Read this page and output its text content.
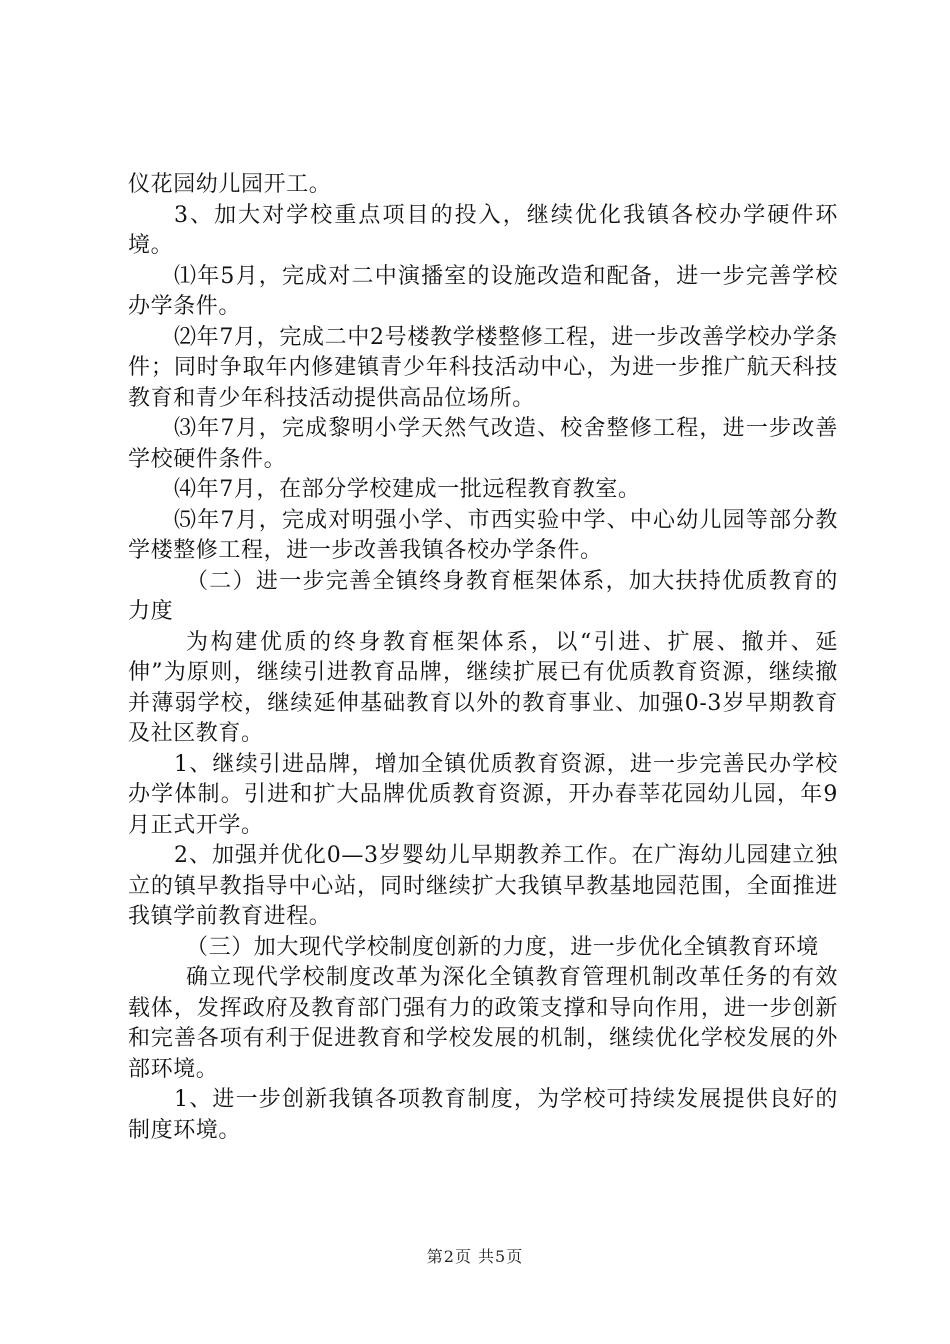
仪花园幼儿园开工。

3、加大对学校重点项目的投入，继续优化我镇各校办学硬件环境。

⑴年5月，完成对二中演播室的设施改造和配备，进一步完善学校办学条件。

⑵年7月，完成二中2号楼教学楼整修工程，进一步改善学校办学条件；同时争取年内修建镇青少年科技活动中心，为进一步推广航天科技教育和青少年科技活动提供高品位场所。

⑶年7月，完成黎明小学天然气改造、校舍整修工程，进一步改善学校硬件条件。

⑷年7月，在部分学校建成一批远程教育教室。

⑸年7月，完成对明强小学、市西实验中学、中心幼儿园等部分教学楼整修工程，进一步改善我镇各校办学条件。

（二）进一步完善全镇终身教育框架体系，加大扶持优质教育的力度

为构建优质的终身教育框架体系，以“引进、扩展、撤并、延伸”为原则，继续引进教育品牌，继续扩展已有优质教育资源，继续撤并薄弱学校，继续延伸基础教育以外的教育事业、加强0-3岁早期教育及社区教育。

1、继续引进品牌，增加全镇优质教育资源，进一步完善民办学校办学体制。引进和扩大品牌优质教育资源，开办春莘花园幼儿园，年9月正式开学。

2、加强并优化0—3岁婴幼儿早期教养工作。在广海幼儿园建立独立的镇早教指导中心站，同时继续扩大我镇早教基地园范围，全面推进我镇学前教育进程。

（三）加大现代学校制度创新的力度，进一步优化全镇教育环境

确立现代学校制度改革为深化全镇教育管理机制改革任务的有效载体，发挥政府及教育部门强有力的政策支撑和导向作用，进一步创新和完善各项有利于促进教育和学校发展的机制，继续优化学校发展的外部环境。

1、进一步创新我镇各项教育制度，为学校可持续发展提供良好的制度环境。

第2页 共5页
